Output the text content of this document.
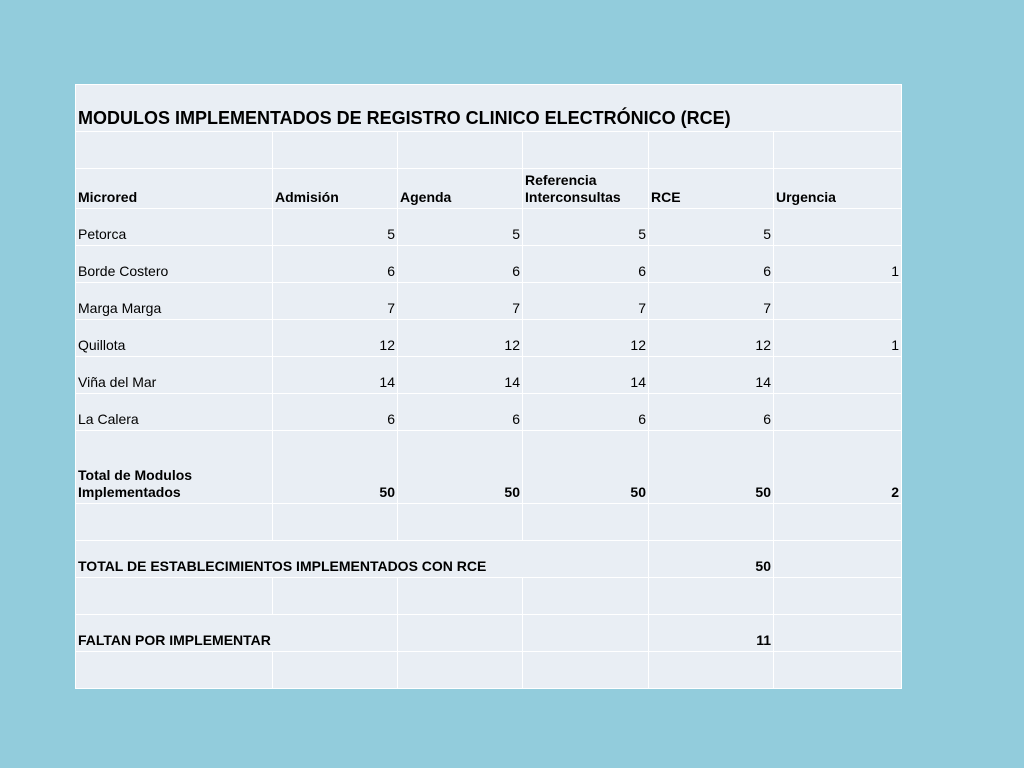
MODULOS IMPLEMENTADOS DE REGISTRO CLINICO ELECTRÓNICO (RCE)					

Microred	Admisión	Agenda	Referencia Interconsultas	RCE	Urgencia
Petorca	5	5	5	5	
Borde Costero	6	6	6	6	1
Marga Marga	7	7	7	7	
Quillota	12	12	12	12	1
Viña del Mar	14	14	14	14	
La Calera	6	6	6	6	
Total de Modulos Implementados	50	50	50	50	2

TOTAL DE ESTABLECIMIENTOS IMPLEMENTADOS CON RCE				50	

FALTAN POR IMPLEMENTAR				11	
